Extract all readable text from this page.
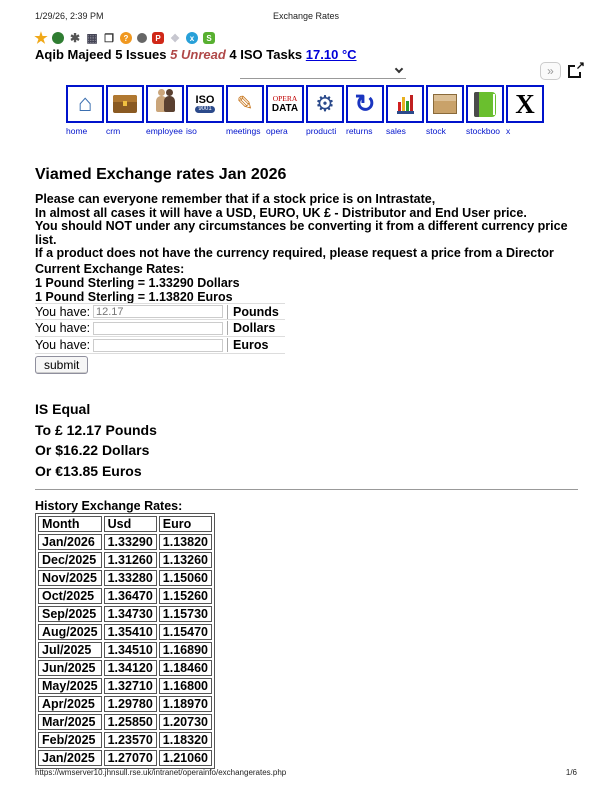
1/29/26, 2:39 PM	Exchange Rates
★ ✱ ▦ ❐	?	P ❖	x	S
Aqib Majeed 5 Issues 5 Unread 4 ISO Tasks 17.10 °C
»	↗
⌂
home	crm	employee
ISO
9001
iso
✎
meetings
OPERA
DATA
opera
⚙
producti
↻
returns	sales	stock	stockboo
X
x
Viamed Exchange rates Jan 2026
Please can everyone remember that if a stock price is on Intrastate,
In almost all cases it will have a USD, EURO, UK £ - Distributor and End User price.
You should NOT under any circumstances be converting it from a different currency price list.
If a product does not have the currency required, please request a price from a Director
Current Exchange Rates:
1 Pound Sterling = 1.33290 Dollars
1 Pound Sterling = 1.13820 Euros
You have:
12.17	Pounds
You have:	Dollars
You have:	Euros
submit
IS Equal
To £ 12.17 Pounds
Or $16.22 Dollars
Or €13.85 Euros
History Exchange Rates:
Month	Usd	Euro
Jan/2026	1.33290	1.13820
Dec/2025	1.31260	1.13260
Nov/2025	1.33280	1.15060
Oct/2025	1.36470	1.15260
Sep/2025	1.34730	1.15730
Aug/2025	1.35410	1.15470
Jul/2025	1.34510	1.16890
Jun/2025	1.34120	1.18460
May/2025	1.32710	1.16800
Apr/2025	1.29780	1.18970
Mar/2025	1.25850	1.20730
Feb/2025	1.23570	1.18320
Jan/2025	1.27070	1.21060
https://wmserver10.jhnsull.rse.uk/intranet/operainfo/exchangerates.php	1/6
